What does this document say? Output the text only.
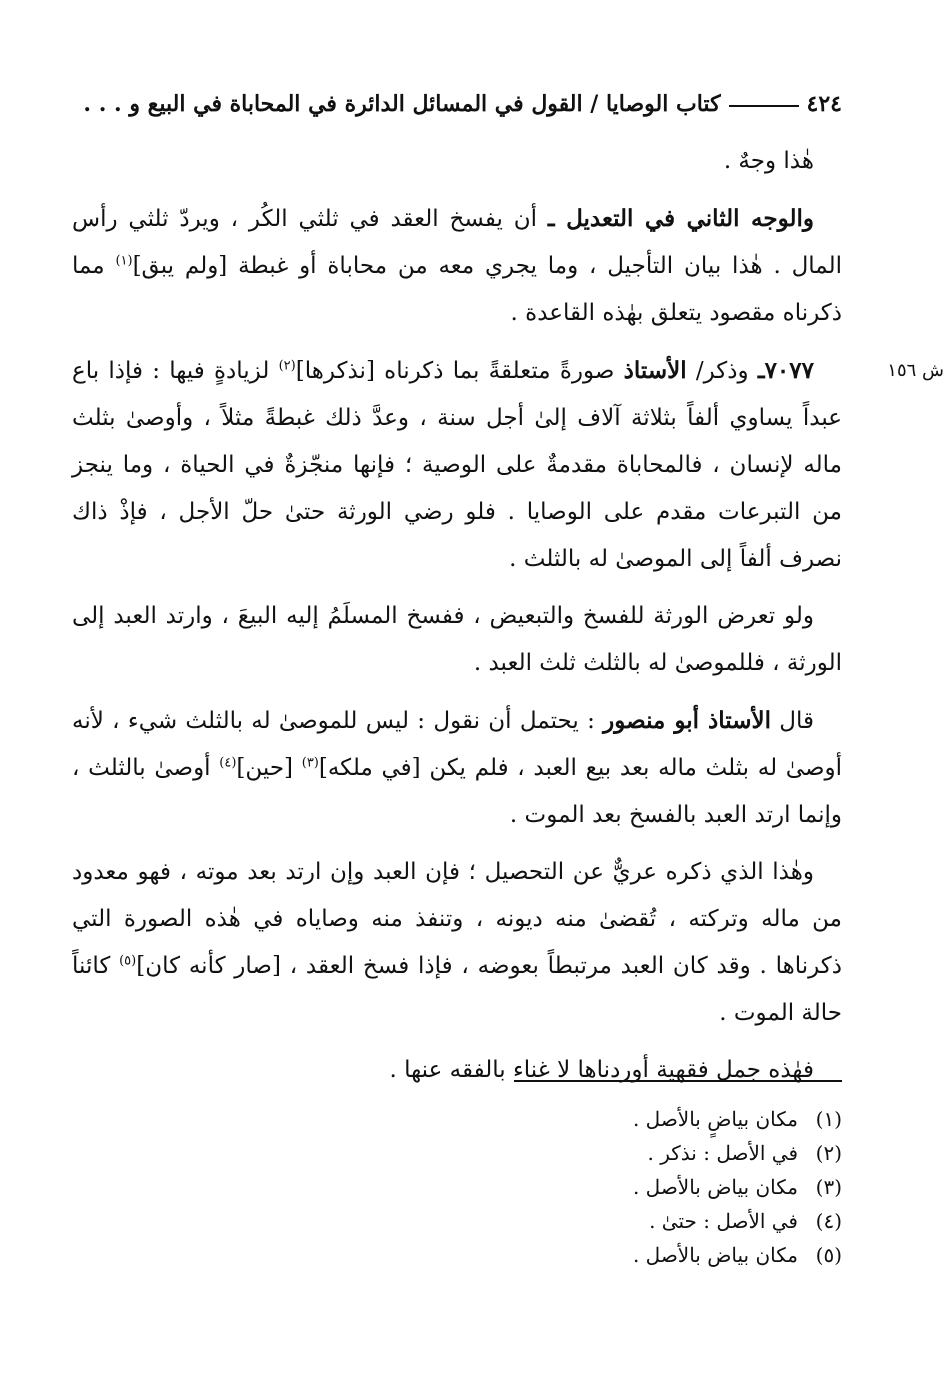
٤٢٤
كتاب الوصايا / القول في المسائل الدائرة في المحاباة في البيع و . . .
ش ١٥٦

هٰذا وجهٌ .

والوجه الثاني في التعديل ـ أن يفسخ العقد في ثلثي الكُر ، ويردّ ثلثي رأس المال . هٰذا بيان التأجيل ، وما يجري معه من محاباة أو غبطة [ولم يبق]$^{(١)}$ مما ذكرناه مقصود يتعلق بهٰذه القاعدة .

٧٠٧٧ـ وذكر/ الأستاذ صورةً متعلقةً بما ذكرناه [نذكرها]$^{(٢)}$ لزيادةٍ فيها : فإذا باع عبداً يساوي ألفاً بثلاثة آلاف إلىٰ أجل سنة ، وعدَّ ذلك غبطةً مثلاً ، وأوصىٰ بثلث ماله لإنسان ، فالمحاباة مقدمةٌ على الوصية ؛ فإنها منجّزةٌ في الحياة ، وما ينجز من التبرعات مقدم على الوصايا . فلو رضي الورثة حتىٰ حلّ الأجل ، فإذْ ذاك نصرف ألفاً إلى الموصىٰ له بالثلث .

ولو تعرض الورثة للفسخ والتبعيض ، ففسخ المسلَمُ إليه البيعَ ، وارتد العبد إلى الورثة ، فللموصىٰ له بالثلث ثلث العبد .

قال الأستاذ أبو منصور : يحتمل أن نقول : ليس للموصىٰ له بالثلث شيء ، لأنه أوصىٰ له بثلث ماله بعد بيع العبد ، فلم يكن [في ملكه]$^{(٣)}$ [حين]$^{(٤)}$ أوصىٰ بالثلث ، وإنما ارتد العبد بالفسخ بعد الموت .

وهٰذا الذي ذكره عريٌّ عن التحصيل ؛ فإن العبد وإن ارتد بعد موته ، فهو معدود من ماله وتركته ، تُقضىٰ منه ديونه ، وتنفذ منه وصاياه في هٰذه الصورة التي ذكرناها . وقد كان العبد مرتبطاً بعوضه ، فإذا فسخ العقد ، [صار كأنه كان]$^{(٥)}$ كائناً حالة الموت .

فهٰذه جمل فقهية أوردناها لا غناء بالفقه عنها .

(١)
مكان بياضٍ بالأصل .
(٢)
في الأصل : نذكر .
(٣)
مكان بياض بالأصل .
(٤)
في الأصل : حتىٰ .
(٥)
مكان بياض بالأصل .
